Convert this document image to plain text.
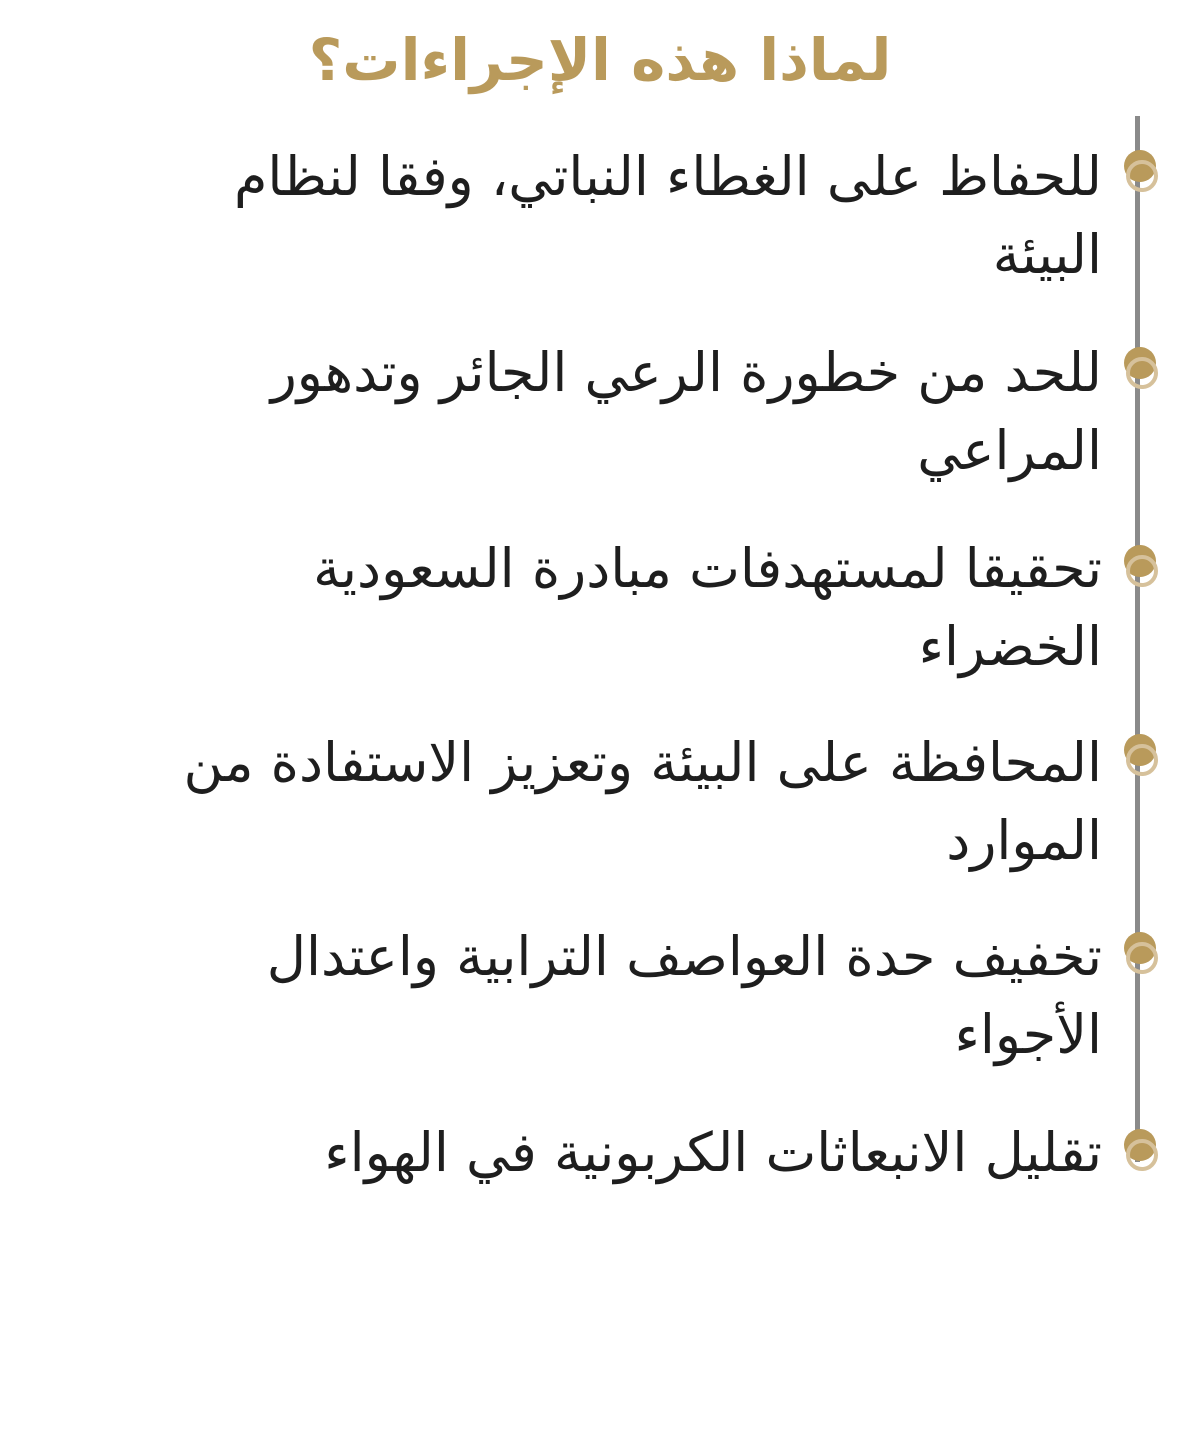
لماذا هذه الإجراءات؟

للحفاظ على الغطاء النباتي، وفقا لنظام البيئة

للحد من خطورة الرعي الجائر وتدهور المراعي

تحقيقا لمستهدفات مبادرة السعودية الخضراء

المحافظة على البيئة وتعزيز الاستفادة من الموارد

تخفيف حدة العواصف الترابية واعتدال الأجواء

تقليل الانبعاثات الكربونية في الهواء
